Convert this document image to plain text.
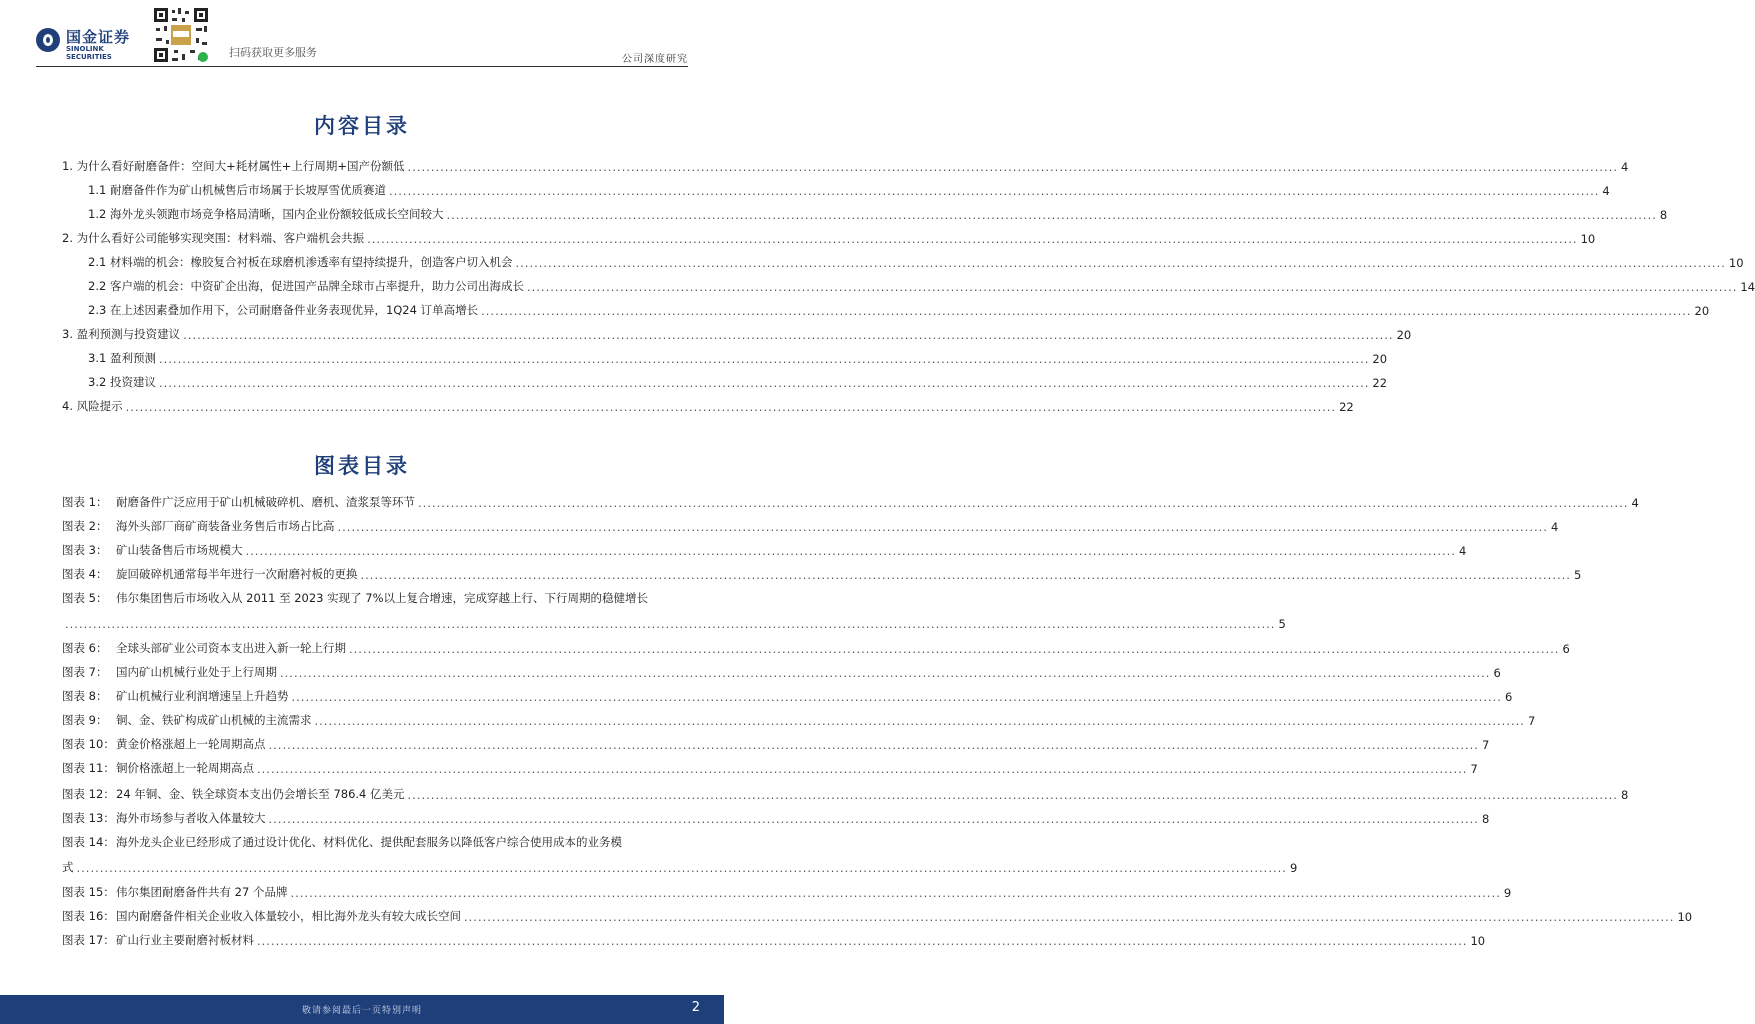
国金证券
SINOLINK SECURITIES	扫码获取更多服务
公司深度研究
内容目录
1. 为什么看好耐磨备件：空间大+耗材属性+上行周期+国产份额低 .................................................................................................................................................................................................................................................................... 4
1.1 耐磨备件作为矿山机械售后市场属于长坡厚雪优质赛道 .................................................................................................................................................................................................................................................................... 4
1.2 海外龙头领跑市场竞争格局清晰，国内企业份额较低成长空间较大 .................................................................................................................................................................................................................................................................... 8
2. 为什么看好公司能够实现突围：材料端、客户端机会共振 .................................................................................................................................................................................................................................................................... 10
2.1 材料端的机会：橡胶复合衬板在球磨机渗透率有望持续提升，创造客户切入机会 .................................................................................................................................................................................................................................................................... 10
2.2 客户端的机会：中资矿企出海，促进国产品牌全球市占率提升，助力公司出海成长 .................................................................................................................................................................................................................................................................... 14
2.3 在上述因素叠加作用下，公司耐磨备件业务表现优异，1Q24 订单高增长 .................................................................................................................................................................................................................................................................... 20
3. 盈利预测与投资建议 .................................................................................................................................................................................................................................................................... 20
3.1 盈利预测 .................................................................................................................................................................................................................................................................... 20
3.2 投资建议 .................................................................................................................................................................................................................................................................... 22
4. 风险提示 .................................................................................................................................................................................................................................................................... 22
图表目录
图表 1： 耐磨备件广泛应用于矿山机械破碎机、磨机、渣浆泵等环节 .................................................................................................................................................................................................................................................................... 4
图表 2： 海外头部厂商矿商装备业务售后市场占比高 .................................................................................................................................................................................................................................................................... 4
图表 3： 矿山装备售后市场规模大 .................................................................................................................................................................................................................................................................... 4
图表 4： 旋回破碎机通常每半年进行一次耐磨衬板的更换 .................................................................................................................................................................................................................................................................... 5
图表 5： 伟尔集团售后市场收入从 2011 至 2023 实现了 7%以上复合增速，完成穿越上行、下行周期的稳健增长
.................................................................................................................................................................................................................................................................... 5
图表 6： 全球头部矿业公司资本支出进入新一轮上行期 .................................................................................................................................................................................................................................................................... 6
图表 7： 国内矿山机械行业处于上行周期 .................................................................................................................................................................................................................................................................... 6
图表 8： 矿山机械行业利润增速呈上升趋势 .................................................................................................................................................................................................................................................................... 6
图表 9： 铜、金、铁矿构成矿山机械的主流需求 .................................................................................................................................................................................................................................................................... 7
图表 10： 黄金价格涨超上一轮周期高点 .................................................................................................................................................................................................................................................................... 7
图表 11： 铜价格涨超上一轮周期高点 .................................................................................................................................................................................................................................................................... 7
图表 12： 24 年铜、金、铁全球资本支出仍会增长至 786.4 亿美元 .................................................................................................................................................................................................................................................................... 8
图表 13： 海外市场参与者收入体量较大 .................................................................................................................................................................................................................................................................... 8
图表 14： 海外龙头企业已经形成了通过设计优化、材料优化、提供配套服务以降低客户综合使用成本的业务模
式 .................................................................................................................................................................................................................................................................... 9
图表 15： 伟尔集团耐磨备件共有 27 个品牌 .................................................................................................................................................................................................................................................................... 9
图表 16： 国内耐磨备件相关企业收入体量较小，相比海外龙头有较大成长空间 .................................................................................................................................................................................................................................................................... 10
图表 17： 矿山行业主要耐磨衬板材料 .................................................................................................................................................................................................................................................................... 10
敬请参阅最后一页特别声明	2
